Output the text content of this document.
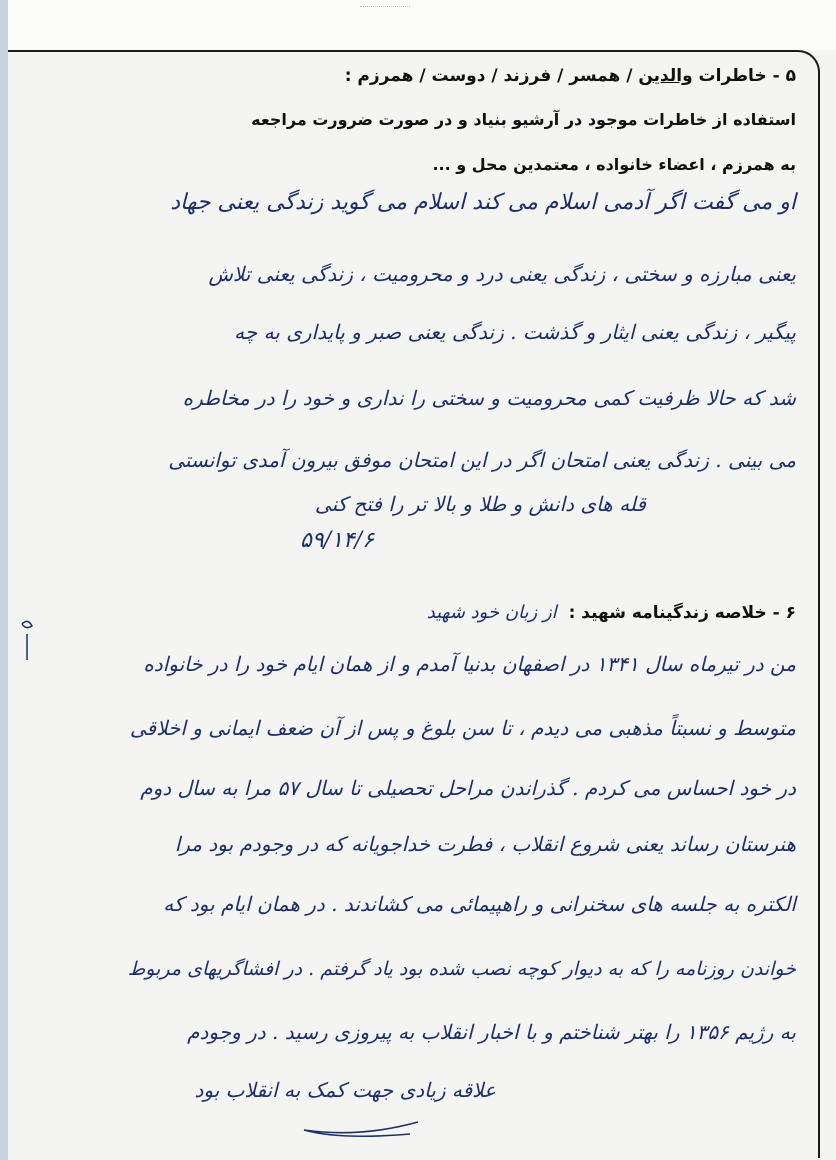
۵ - خاطرات والدین / همسر / فرزند / دوست / همرزم :
استفاده از خاطرات موجود در آرشیو بنیاد و در صورت ضرورت مراجعه
به همرزم ، اعضاء خانواده ، معتمدین محل و ...
او می گفت اگر آدمی اسلام می کند اسلام می گوید زندگی یعنی جهاد
یعنی مبارزه و سختی ، زندگی یعنی درد و محرومیت ، زندگی یعنی تلاش
پیگیر ، زندگی یعنی ایثار و گذشت . زندگی یعنی صبر و پایداری به چه
شد که حالا ظرفیت کمی محرومیت و سختی را نداری و خود را در مخاطره
می بینی . زندگی یعنی امتحان اگر در این امتحان موفق بیرون آمدی توانستی
قله های دانش و طلا و بالا تر را فتح کنی
۵۹/۱۴/۶
۶ - خلاصه زندگینامه شهید : از زبان خود شهید
من در تیرماه سال ۱۳۴۱ در اصفهان بدنیا آمدم و از همان ایام خود را در خانواده
متوسط و نسبتاً مذهبی می دیدم ، تا سن بلوغ و پس از آن ضعف ایمانی و اخلاقی
در خود احساس می کردم . گذراندن مراحل تحصیلی تا سال ۵۷ مرا به سال دوم
هنرستان رساند یعنی شروع انقلاب ، فطرت خداجویانه که در وجودم بود مرا
الکتره به جلسه های سخنرانی و راهپیمائی می کشاندند . در همان ایام بود که
خواندن روزنامه را که به دیوار کوچه نصب شده بود یاد گرفتم . در افشاگریهای مربوط
به رژیم ۱۳۵۶ را بهتر شناختم و با اخبار انقلاب به پیروزی رسید . در وجودم
علاقه زیادی جهت کمک به انقلاب بود
